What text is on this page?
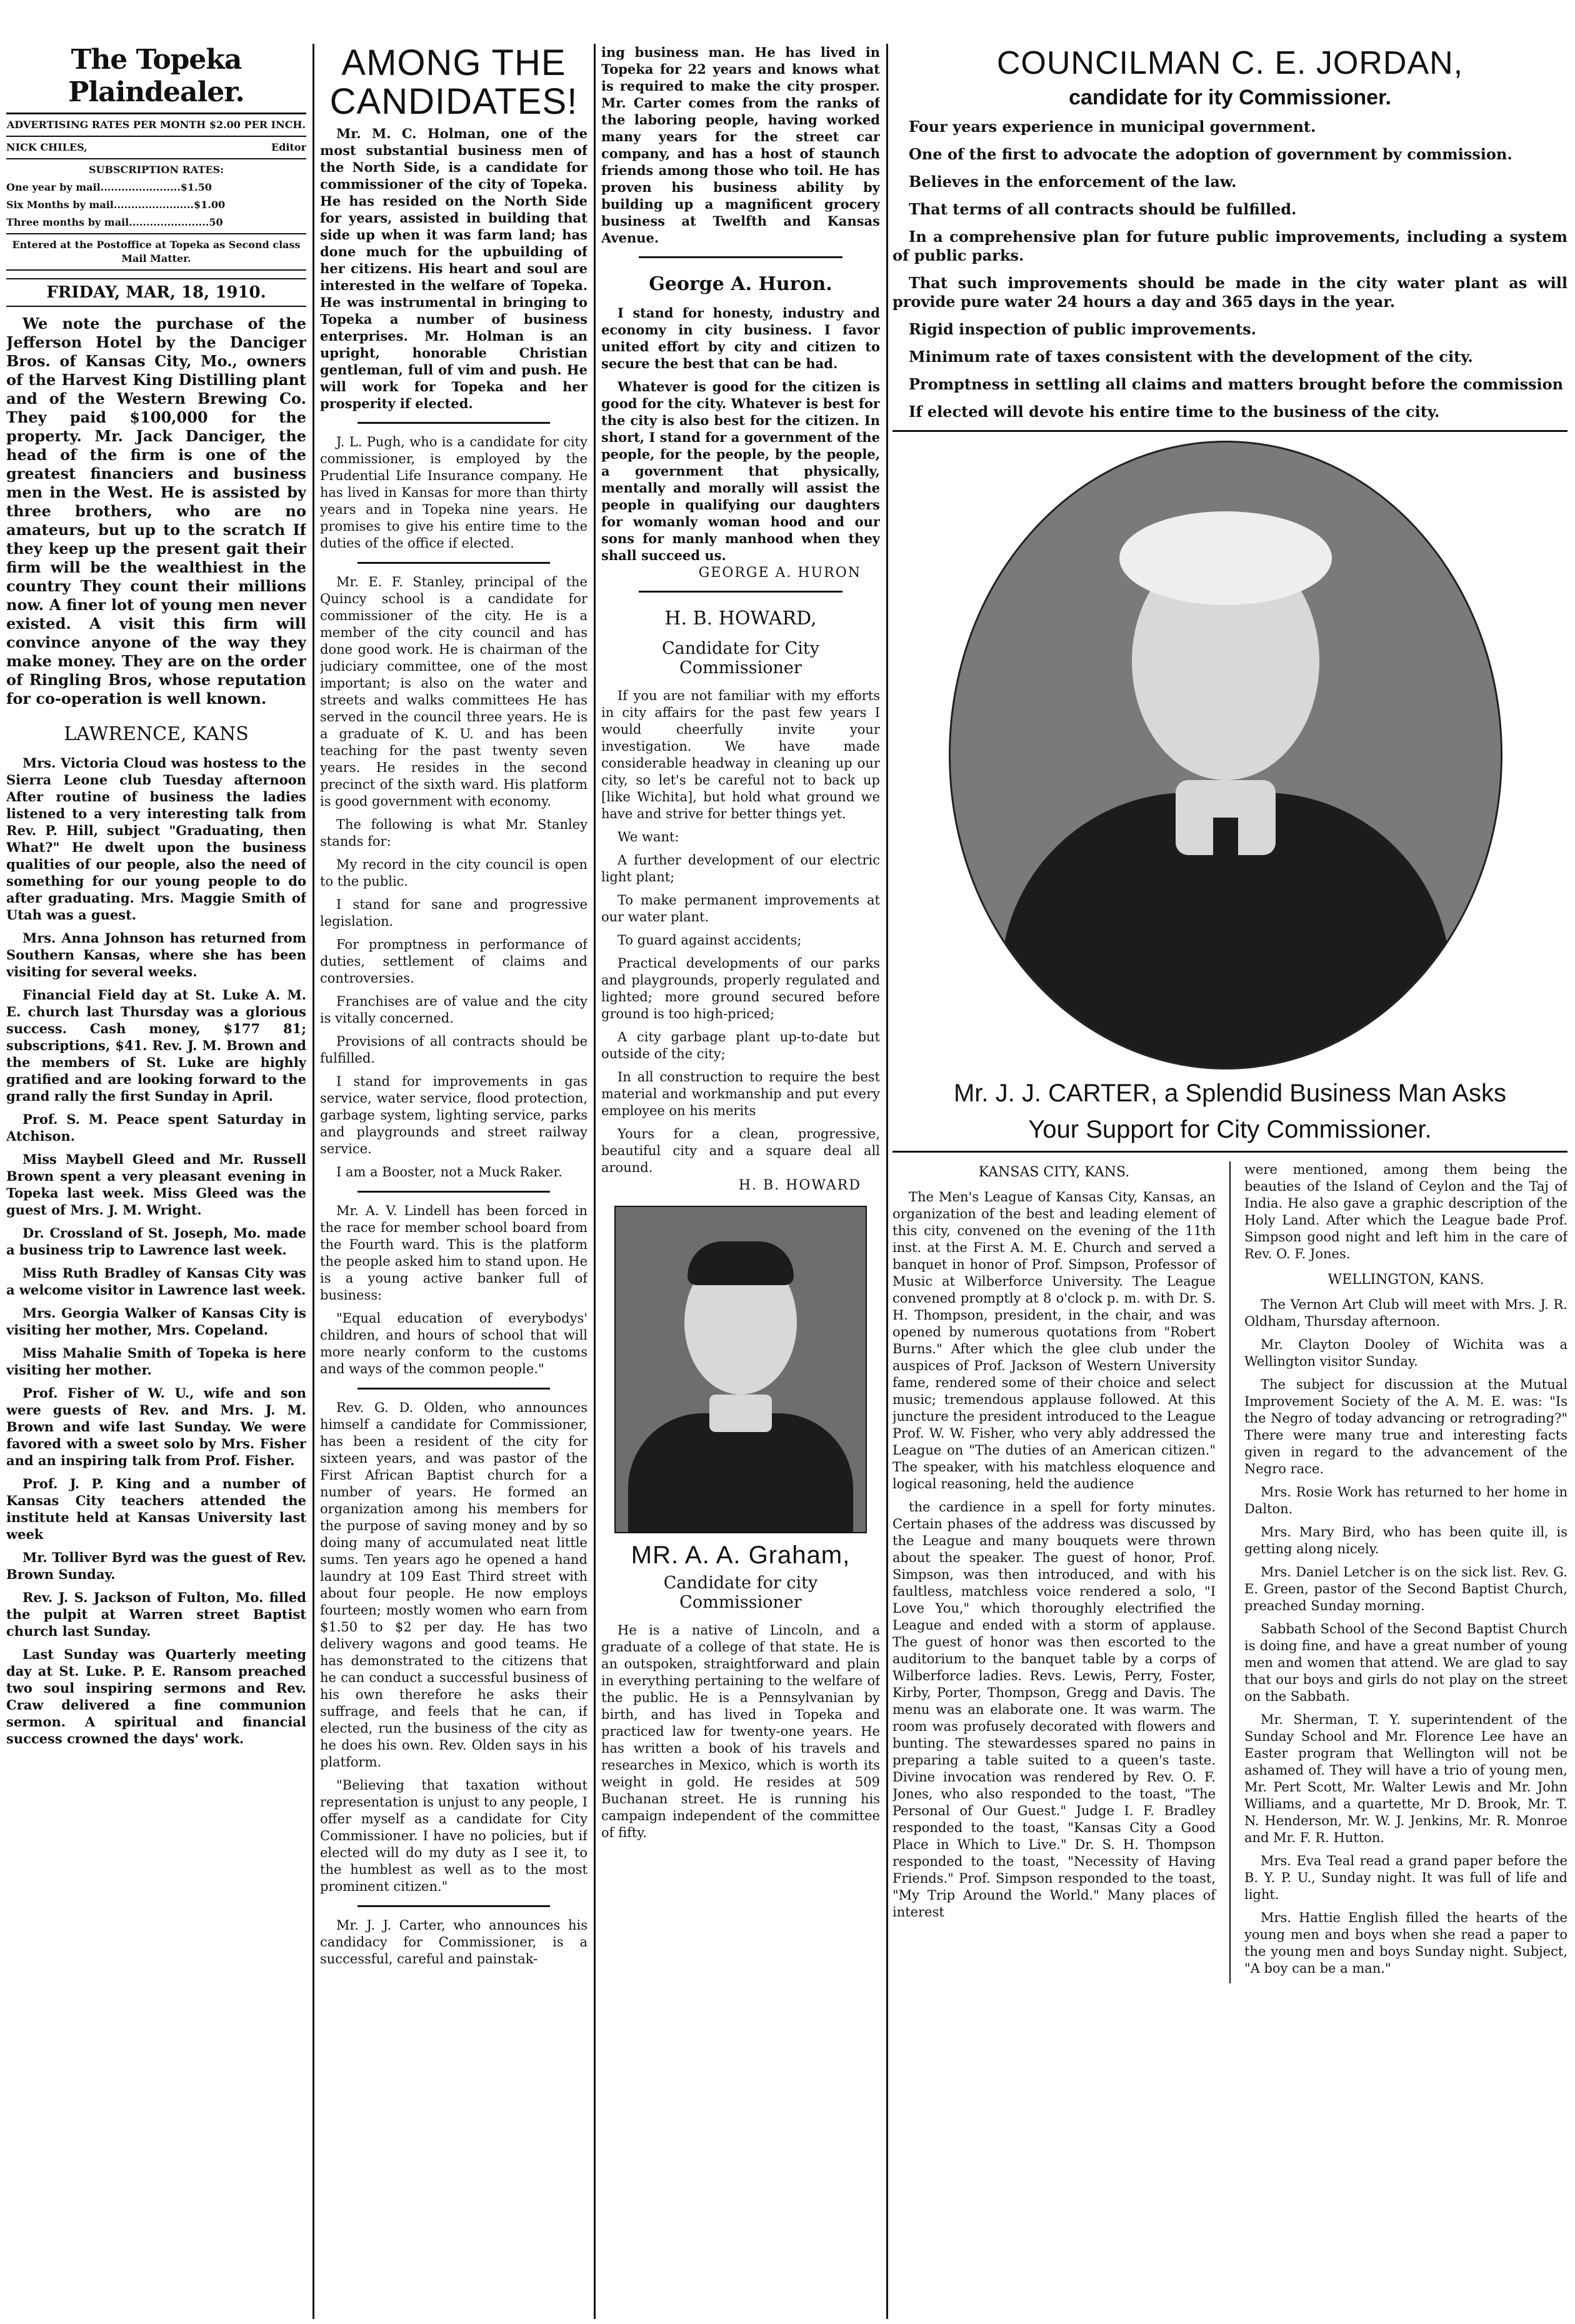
The Topeka Plaindealer.

ADVERTISING RATES PER MONTH $2.00 PER INCH.

NICK CHILES,	Editor

SUBSCRIPTION RATES:

One year by mail.......................$1.50

Six Months by mail.......................$1.00

Three months by mail.......................50

Entered at the Postoffice at Topeka as Second class Mail Matter.

FRIDAY, MAR, 18, 1910.

We note the purchase of the Jefferson Hotel by the Danciger Bros. of Kansas City, Mo., owners of the Harvest King Distilling plant and of the Western Brewing Co. They paid $100,000 for the property. Mr. Jack Danciger, the head of the firm is one of the greatest financiers and business men in the West. He is assisted by three brothers, who are no amateurs, but up to the scratch If they keep up the present gait their firm will be the wealthiest in the country They count their millions now. A finer lot of young men never existed. A visit this firm will convince anyone of the way they make money. They are on the order of Ringling Bros, whose reputation for co-operation is well known.

LAWRENCE, KANS

Mrs. Victoria Cloud was hostess to the Sierra Leone club Tuesday afternoon After routine of business the ladies listened to a very interesting talk from Rev. P. Hill, subject "Graduating, then What?" He dwelt upon the business qualities of our people, also the need of something for our young people to do after graduating. Mrs. Maggie Smith of Utah was a guest.

Mrs. Anna Johnson has returned from Southern Kansas, where she has been visiting for several weeks.

Financial Field day at St. Luke A. M. E. church last Thursday was a glorious success. Cash money, $177 81; subscriptions, $41. Rev. J. M. Brown and the members of St. Luke are highly gratified and are looking forward to the grand rally the first Sunday in April.

Prof. S. M. Peace spent Saturday in Atchison.

Miss Maybell Gleed and Mr. Russell Brown spent a very pleasant evening in Topeka last week. Miss Gleed was the guest of Mrs. J. M. Wright.

Dr. Crossland of St. Joseph, Mo. made a business trip to Lawrence last week.

Miss Ruth Bradley of Kansas City was a welcome visitor in Lawrence last week.

Mrs. Georgia Walker of Kansas City is visiting her mother, Mrs. Copeland.

Miss Mahalie Smith of Topeka is here visiting her mother.

Prof. Fisher of W. U., wife and son were guests of Rev. and Mrs. J. M. Brown and wife last Sunday. We were favored with a sweet solo by Mrs. Fisher and an inspiring talk from Prof. Fisher.

Prof. J. P. King and a number of Kansas City teachers attended the institute held at Kansas University last week

Mr. Tolliver Byrd was the guest of Rev. Brown Sunday.

Rev. J. S. Jackson of Fulton, Mo. filled the pulpit at Warren street Baptist church last Sunday.

Last Sunday was Quarterly meeting day at St. Luke. P. E. Ransom preached two soul inspiring sermons and Rev. Craw delivered a fine communion sermon. A spiritual and financial success crowned the days' work.

AMONG THE CANDIDATES!

Mr. M. C. Holman, one of the most substantial business men of the North Side, is a candidate for commissioner of the city of Topeka. He has resided on the North Side for years, assisted in building that side up when it was farm land; has done much for the upbuilding of her citizens. His heart and soul are interested in the welfare of Topeka. He was instrumental in bringing to Topeka a number of business enterprises. Mr. Holman is an upright, honorable Christian gentleman, full of vim and push. He will work for Topeka and her prosperity if elected.

J. L. Pugh, who is a candidate for city commissioner, is employed by the Prudential Life Insurance company. He has lived in Kansas for more than thirty years and in Topeka nine years. He promises to give his entire time to the duties of the office if elected.

Mr. E. F. Stanley, principal of the Quincy school is a candidate for commissioner of the city. He is a member of the city council and has done good work. He is chairman of the judiciary committee, one of the most important; is also on the water and streets and walks committees He has served in the council three years. He is a graduate of K. U. and has been teaching for the past twenty seven years. He resides in the second precinct of the sixth ward. His platform is good government with economy.

The following is what Mr. Stanley stands for:

My record in the city council is open to the public.

I stand for sane and progressive legislation.

For promptness in performance of duties, settlement of claims and controversies.

Franchises are of value and the city is vitally concerned.

Provisions of all contracts should be fulfilled.

I stand for improvements in gas service, water service, flood protection, garbage system, lighting service, parks and playgrounds and street railway service.

I am a Booster, not a Muck Raker.

Mr. A. V. Lindell has been forced in the race for member school board from the Fourth ward. This is the platform the people asked him to stand upon. He is a young active banker full of business:

"Equal education of everybodys' children, and hours of school that will more nearly conform to the customs and ways of the common people."

Rev. G. D. Olden, who announces himself a candidate for Commissioner, has been a resident of the city for sixteen years, and was pastor of the First African Baptist church for a number of years. He formed an organization among his members for the purpose of saving money and by so doing many of accumulated neat little sums. Ten years ago he opened a hand laundry at 109 East Third street with about four people. He now employs fourteen; mostly women who earn from $1.50 to $2 per day. He has two delivery wagons and good teams. He has demonstrated to the citizens that he can conduct a successful business of his own therefore he asks their suffrage, and feels that he can, if elected, run the business of the city as he does his own. Rev. Olden says in his platform.

"Believing that taxation without representation is unjust to any people, I offer myself as a candidate for City Commissioner. I have no policies, but if elected will do my duty as I see it, to the humblest as well as to the most prominent citizen."

Mr. J. J. Carter, who announces his candidacy for Commissioner, is a successful, careful and painstak-

ing business man. He has lived in Topeka for 22 years and knows what is required to make the city prosper. Mr. Carter comes from the ranks of the laboring people, having worked many years for the street car company, and has a host of staunch friends among those who toil. He has proven his business ability by building up a magnificent grocery business at Twelfth and Kansas Avenue.

George A. Huron.

I stand for honesty, industry and economy in city business. I favor united effort by city and citizen to secure the best that can be had.

Whatever is good for the citizen is good for the city. Whatever is best for the city is also best for the citizen. In short, I stand for a government of the people, for the people, by the people, a government that physically, mentally and morally will assist the people in qualifying our daughters for womanly woman hood and our sons for manly manhood when they shall succeed us.

GEORGE A. HURON
H. B. HOWARD,
Candidate for City Commissioner

If you are not familiar with my efforts in city affairs for the past few years I would cheerfully invite your investigation. We have made considerable headway in cleaning up our city, so let's be careful not to back up [like Wichita], but hold what ground we have and strive for better things yet.

We want:

A further development of our electric light plant;

To make permanent improvements at our water plant.

To guard against accidents;

Practical developments of our parks and playgrounds, properly regulated and lighted; more ground secured before ground is too high-priced;

A city garbage plant up-to-date but outside of the city;

In all construction to require the best material and workmanship and put every employee on his merits

Yours for a clean, progressive, beautiful city and a square deal all around.

H. B. HOWARD
MR. A. A. Graham,
Candidate for city Commissioner

He is a native of Lincoln, and a graduate of a college of that state. He is an outspoken, straightforward and plain in everything pertaining to the welfare of the public. He is a Pennsylvanian by birth, and has lived in Topeka and practiced law for twenty-one years. He has written a book of his travels and researches in Mexico, which is worth its weight in gold. He resides at 509 Buchanan street. He is running his campaign independent of the committee of fifty.

COUNCILMAN C. E. JORDAN,
candidate for ity Commissioner.

Four years experience in municipal government.

One of the first to advocate the adoption of government by commission.

Believes in the enforcement of the law.

That terms of all contracts should be fulfilled.

In a comprehensive plan for future public improvements, including a system of public parks.

That such improvements should be made in the city water plant as will provide pure water 24 hours a day and 365 days in the year.

Rigid inspection of public improvements.

Minimum rate of taxes consistent with the development of the city.

Promptness in settling all claims and matters brought before the commission

If elected will devote his entire time to the business of the city.

Mr. J. J. CARTER, a Splendid Business Man Asks
Your Support for City Commissioner.
KANSAS CITY, KANS.

The Men's League of Kansas City, Kansas, an organization of the best and leading element of this city, convened on the evening of the 11th inst. at the First A. M. E. Church and served a banquet in honor of Prof. Simpson, Professor of Music at Wilberforce University. The League convened promptly at 8 o'clock p. m. with Dr. S. H. Thompson, president, in the chair, and was opened by numerous quotations from "Robert Burns." After which the glee club under the auspices of Prof. Jackson of Western University fame, rendered some of their choice and select music; tremendous applause followed. At this juncture the president introduced to the League Prof. W. W. Fisher, who very ably addressed the League on "The duties of an American citizen." The speaker, with his matchless eloquence and logical reasoning, held the audience

the cardience in a spell for forty minutes. Certain phases of the address was discussed by the League and many bouquets were thrown about the speaker. The guest of honor, Prof. Simpson, was then introduced, and with his faultless, matchless voice rendered a solo, "I Love You," which thoroughly electrified the League and ended with a storm of applause. The guest of honor was then escorted to the auditorium to the banquet table by a corps of Wilberforce ladies. Revs. Lewis, Perry, Foster, Kirby, Porter, Thompson, Gregg and Davis. The menu was an elaborate one. It was warm. The room was profusely decorated with flowers and bunting. The stewardesses spared no pains in preparing a table suited to a queen's taste. Divine invocation was rendered by Rev. O. F. Jones, who also responded to the toast, "The Personal of Our Guest." Judge I. F. Bradley responded to the toast, "Kansas City a Good Place in Which to Live." Dr. S. H. Thompson responded to the toast, "Necessity of Having Friends." Prof. Simpson responded to the toast, "My Trip Around the World." Many places of interest

were mentioned, among them being the beauties of the Island of Ceylon and the Taj of India. He also gave a graphic description of the Holy Land. After which the League bade Prof. Simpson good night and left him in the care of Rev. O. F. Jones.

WELLINGTON, KANS.

The Vernon Art Club will meet with Mrs. J. R. Oldham, Thursday afternoon.

Mr. Clayton Dooley of Wichita was a Wellington visitor Sunday.

The subject for discussion at the Mutual Improvement Society of the A. M. E. was: "Is the Negro of today advancing or retrograding?" There were many true and interesting facts given in regard to the advancement of the Negro race.

Mrs. Rosie Work has returned to her home in Dalton.

Mrs. Mary Bird, who has been quite ill, is getting along nicely.

Mrs. Daniel Letcher is on the sick list. Rev. G. E. Green, pastor of the Second Baptist Church, preached Sunday morning.

Sabbath School of the Second Baptist Church is doing fine, and have a great number of young men and women that attend. We are glad to say that our boys and girls do not play on the street on the Sabbath.

Mr. Sherman, T. Y. superintendent of the Sunday School and Mr. Florence Lee have an Easter program that Wellington will not be ashamed of. They will have a trio of young men, Mr. Pert Scott, Mr. Walter Lewis and Mr. John Williams, and a quartette, Mr D. Brook, Mr. T. N. Henderson, Mr. W. J. Jenkins, Mr. R. Monroe and Mr. F. R. Hutton.

Mrs. Eva Teal read a grand paper before the B. Y. P. U., Sunday night. It was full of life and light.

Mrs. Hattie English filled the hearts of the young men and boys when she read a paper to the young men and boys Sunday night. Subject, "A boy can be a man."
